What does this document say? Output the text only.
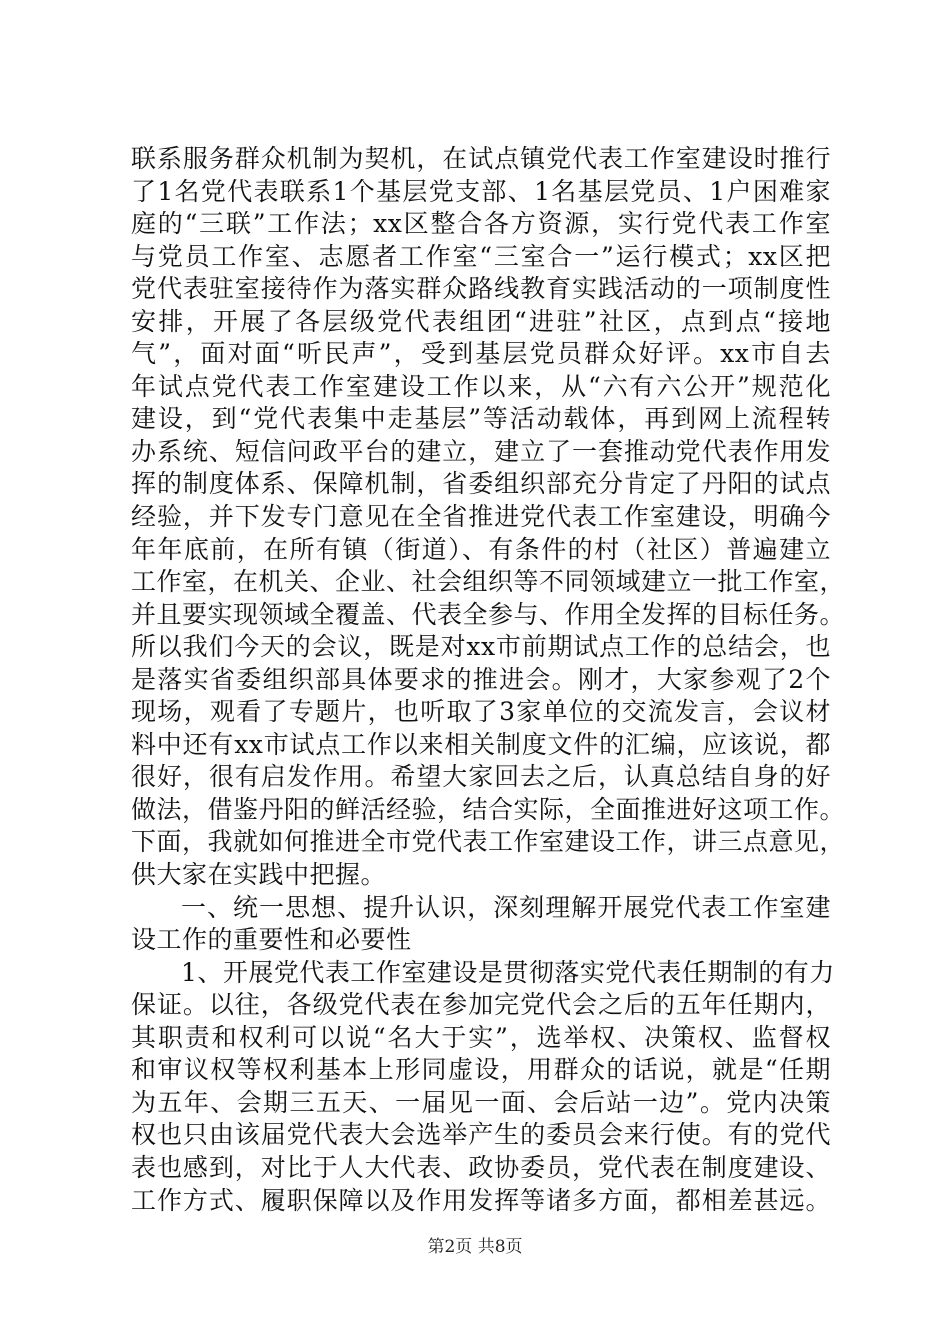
联系服务群众机制为契机，在试点镇党代表工作室建设时推行
了1名党代表联系1个基层党支部、1名基层党员、1户困难家
庭的“三联”工作法；xx区整合各方资源，实行党代表工作室
与党员工作室、志愿者工作室“三室合一”运行模式；xx区把
党代表驻室接待作为落实群众路线教育实践活动的一项制度性
安排，开展了各层级党代表组团“进驻”社区，点到点“接地
气”，面对面“听民声”，受到基层党员群众好评。xx市自去
年试点党代表工作室建设工作以来，从“六有六公开”规范化
建设，到“党代表集中走基层”等活动载体，再到网上流程转
办系统、短信问政平台的建立，建立了一套推动党代表作用发
挥的制度体系、保障机制，省委组织部充分肯定了丹阳的试点
经验，并下发专门意见在全省推进党代表工作室建设，明确今
年年底前，在所有镇（街道）、有条件的村（社区）普遍建立
工作室，在机关、企业、社会组织等不同领域建立一批工作室，
并且要实现领域全覆盖、代表全参与、作用全发挥的目标任务。
所以我们今天的会议，既是对xx市前期试点工作的总结会，也
是落实省委组织部具体要求的推进会。刚才，大家参观了2个
现场，观看了专题片，也听取了3家单位的交流发言，会议材
料中还有xx市试点工作以来相关制度文件的汇编，应该说，都
很好，很有启发作用。希望大家回去之后，认真总结自身的好
做法，借鉴丹阳的鲜活经验，结合实际，全面推进好这项工作。
下面，我就如何推进全市党代表工作室建设工作，讲三点意见，
供大家在实践中把握。
一、统一思想、提升认识，深刻理解开展党代表工作室建
设工作的重要性和必要性
1、开展党代表工作室建设是贯彻落实党代表任期制的有力
保证。以往，各级党代表在参加完党代会之后的五年任期内，
其职责和权利可以说“名大于实”，选举权、决策权、监督权
和审议权等权利基本上形同虚设，用群众的话说，就是“任期
为五年、会期三五天、一届见一面、会后站一边”。党内决策
权也只由该届党代表大会选举产生的委员会来行使。有的党代
表也感到，对比于人大代表、政协委员，党代表在制度建设、
工作方式、履职保障以及作用发挥等诸多方面，都相差甚远。
第2页 共8页
